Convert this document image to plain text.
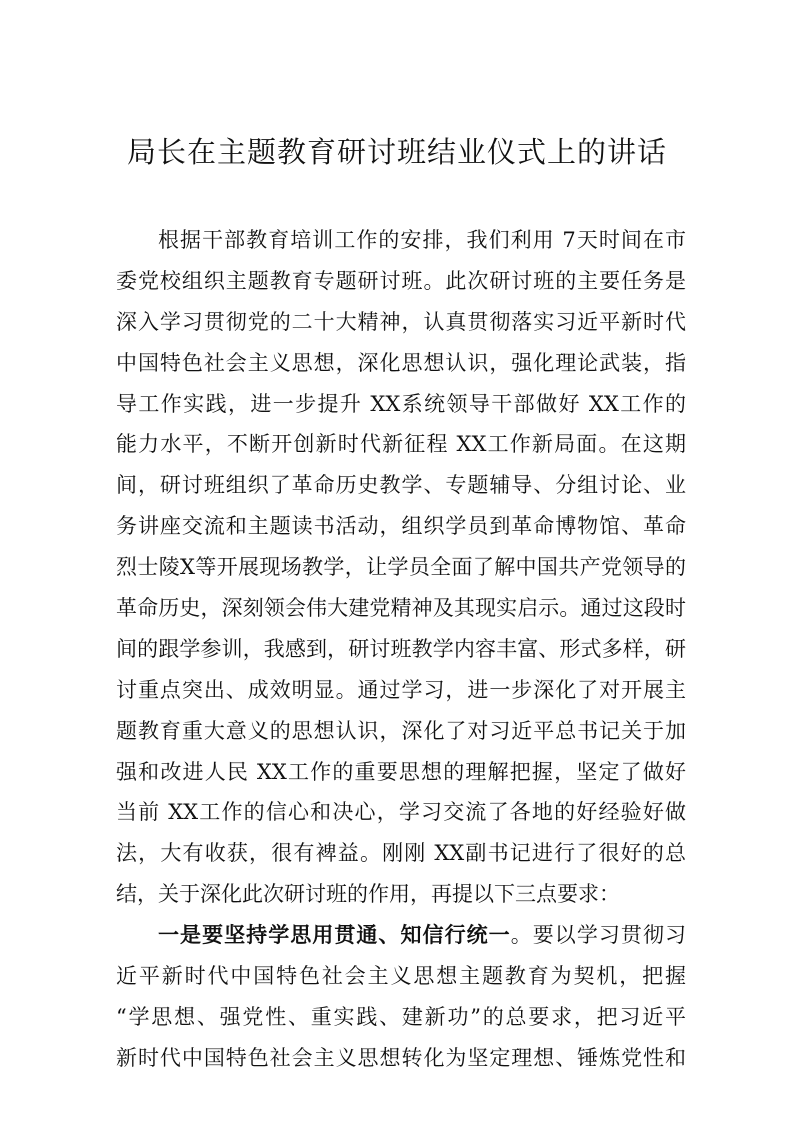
局长在主题教育研讨班结业仪式上的讲话
根据干部教育培训工作的安排，我们利用 7天时间在市
委党校组织主题教育专题研讨班。此次研讨班的主要任务是
深入学习贯彻党的二十大精神，认真贯彻落实习近平新时代
中国特色社会主义思想，深化思想认识，强化理论武装，指
导工作实践，进一步提升 XX系统领导干部做好 XX工作的
能力水平，不断开创新时代新征程 XX工作新局面。在这期
间，研讨班组织了革命历史教学、专题辅导、分组讨论、业
务讲座交流和主题读书活动，组织学员到革命博物馆、革命
烈士陵X等开展现场教学，让学员全面了解中国共产党领导的
革命历史，深刻领会伟大建党精神及其现实启示。通过这段时
间的跟学参训，我感到，研讨班教学内容丰富、形式多样，研
讨重点突出、成效明显。通过学习，进一步深化了对开展主
题教育重大意义的思想认识，深化了对习近平总书记关于加
强和改进人民 XX工作的重要思想的理解把握，坚定了做好
当前 XX工作的信心和决心，学习交流了各地的好经验好做
法，大有收获，很有裨益。刚刚 XX副书记进行了很好的总
结，关于深化此次研讨班的作用，再提以下三点要求：
一是要坚持学思用贯通、知信行统一。要以学习贯彻习
近平新时代中国特色社会主义思想主题教育为契机，把握
“学思想、强党性、重实践、建新功”的总要求，把习近平
新时代中国特色社会主义思想转化为坚定理想、锤炼党性和
